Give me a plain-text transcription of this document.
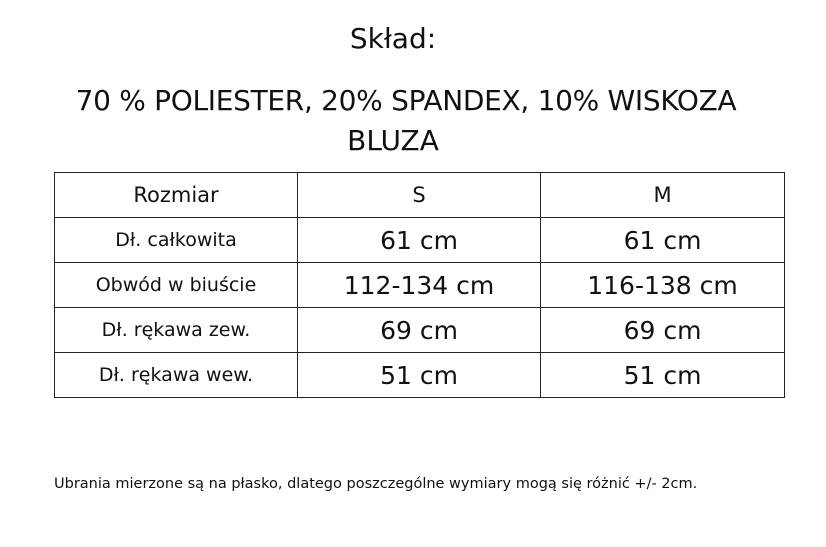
Skład:
70 % POLIESTER, 20% SPANDEX, 10% WISKOZA
BLUZA
Rozmiar	S	M
Dł. całkowita	61 cm	61 cm
Obwód w biuście	112-134 cm	116-138 cm
Dł. rękawa zew.	69 cm	69 cm
Dł. rękawa wew.	51 cm	51 cm
Ubrania mierzone są na płasko, dlatego poszczególne wymiary mogą się różnić +/- 2cm.
